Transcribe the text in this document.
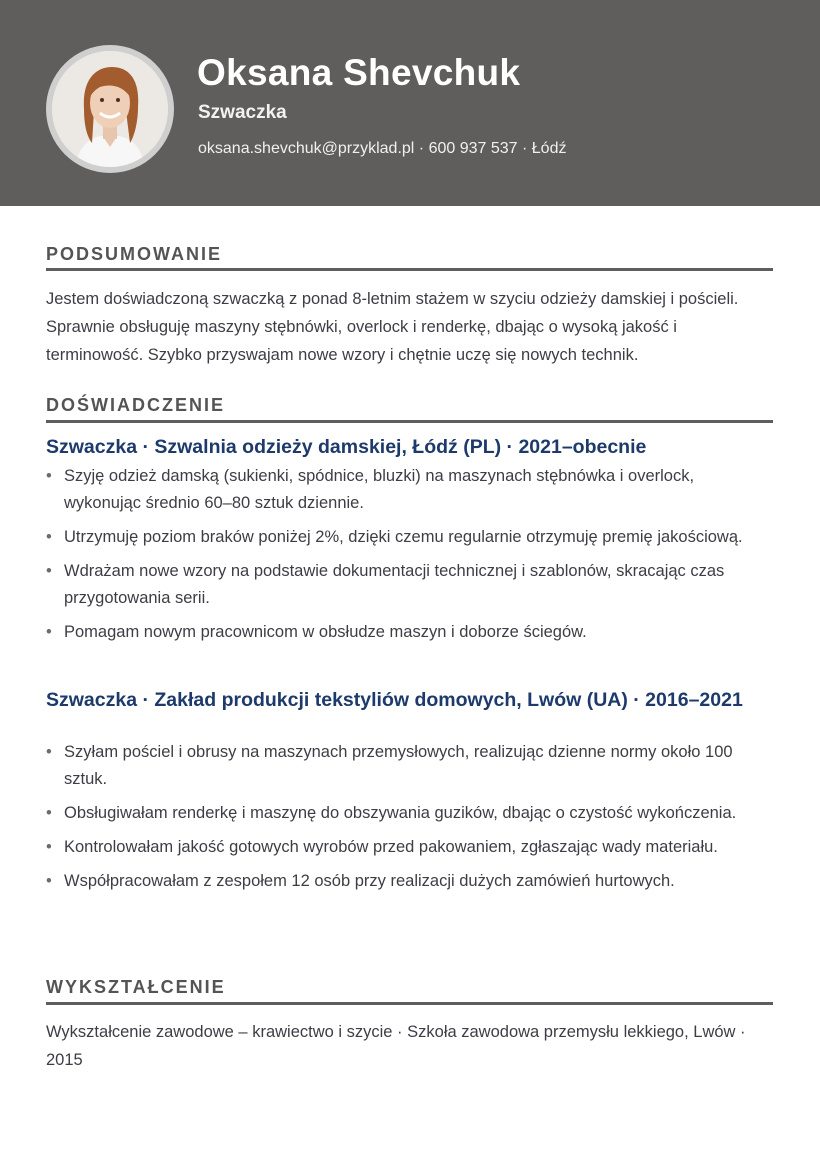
Oksana Shevchuk
Szwaczka
oksana.shevchuk@przyklad.pl · 600 937 537 · Łódź
PODSUMOWANIE

Jestem doświadczoną szwaczką z ponad 8-letnim stażem w szyciu odzieży damskiej i pościeli. Sprawnie obsługuję maszyny stębnówki, overlock i renderkę, dbając o wysoką jakość i terminowość. Szybko przyswajam nowe wzory i chętnie uczę się nowych technik.

DOŚWIADCZENIE
Szwaczka · Szwalnia odzieży damskiej, Łódź (PL) · 2021–obecnie
• Szyję odzież damską (sukienki, spódnice, bluzki) na maszynach stębnówka i overlock, wykonując średnio 60–80 sztuk dziennie.
• Utrzymuję poziom braków poniżej 2%, dzięki czemu regularnie otrzymuję premię jakościową.
• Wdrażam nowe wzory na podstawie dokumentacji technicznej i szablonów, skracając czas przygotowania serii.
• Pomagam nowym pracownicom w obsłudze maszyn i doborze ściegów.
Szwaczka · Zakład produkcji tekstyliów domowych, Lwów (UA) · 2016–2021
• Szyłam pościel i obrusy na maszynach przemysłowych, realizując dzienne normy około 100 sztuk.
• Obsługiwałam renderkę i maszynę do obszywania guzików, dbając o czystość wykończenia.
• Kontrolowałam jakość gotowych wyrobów przed pakowaniem, zgłaszając wady materiału.
• Współpracowałam z zespołem 12 osób przy realizacji dużych zamówień hurtowych.
WYKSZTAŁCENIE

Wykształcenie zawodowe – krawiectwo i szycie · Szkoła zawodowa przemysłu lekkiego, Lwów · 2015
